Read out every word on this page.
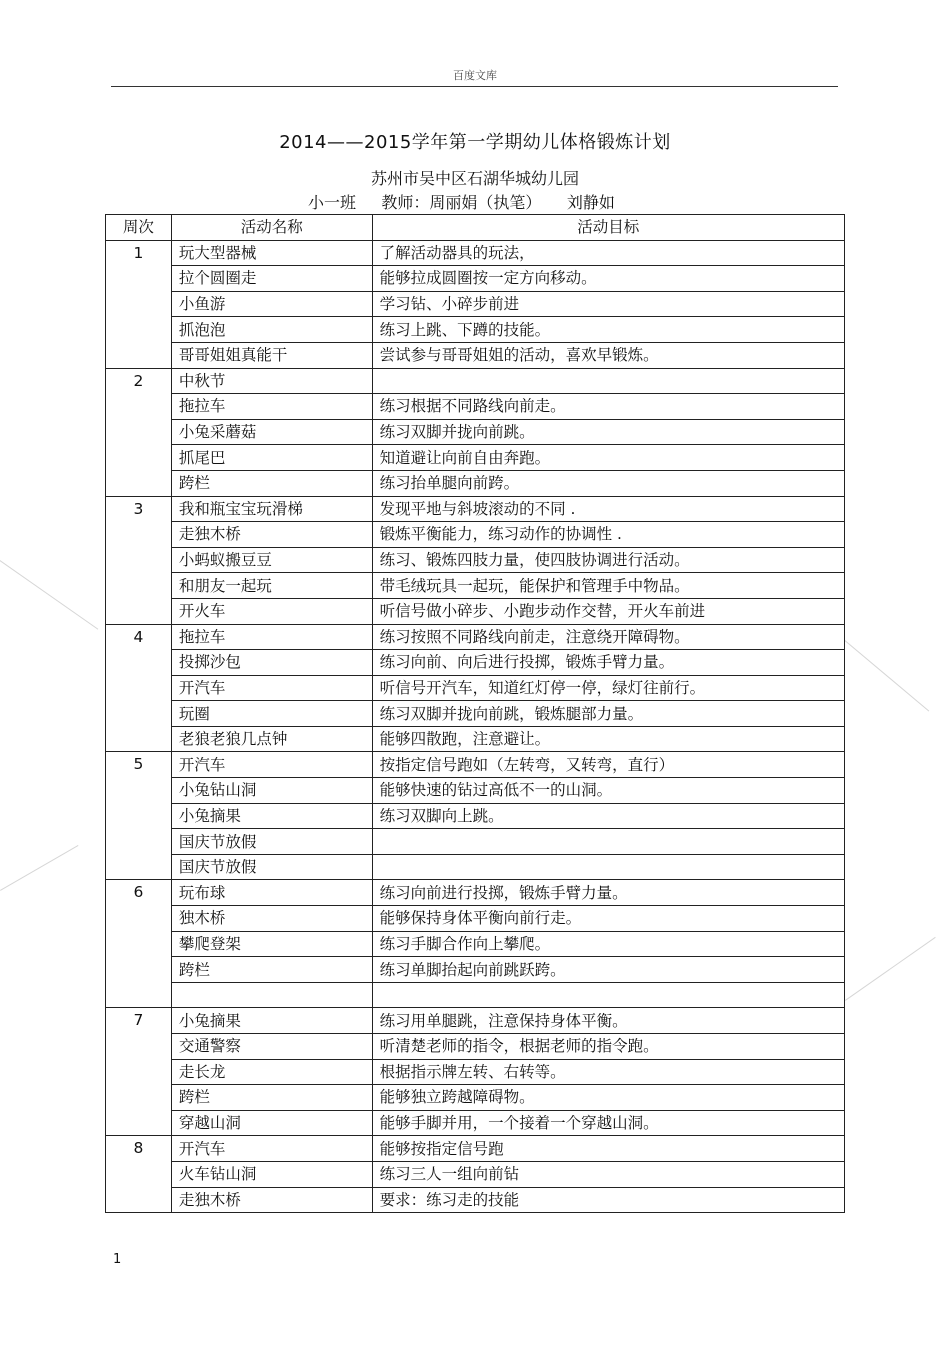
百度文库
2014——2015学年第一学期幼儿体格锻炼计划
苏州市吴中区石湖华城幼儿园
小一班     教师：周丽娟（执笔）     刘静如
周次	活动名称	活动目标
1	玩大型器械	了解活动器具的玩法，
	拉个圆圈走	能够拉成圆圈按一定方向移动。
	小鱼游	学习钻、小碎步前进
	抓泡泡	练习上跳、下蹲的技能。
	哥哥姐姐真能干	尝试参与哥哥姐姐的活动，喜欢早锻炼。
2	中秋节	
	拖拉车	练习根据不同路线向前走。
	小兔采蘑菇	练习双脚并拢向前跳。
	抓尾巴	知道避让向前自由奔跑。
	跨栏	练习抬单腿向前跨。
3	我和瓶宝宝玩滑梯	发现平地与斜坡滚动的不同 .
	走独木桥	锻炼平衡能力，练习动作的协调性 .
	小蚂蚁搬豆豆	练习、锻炼四肢力量，使四肢协调进行活动。
	和朋友一起玩	带毛绒玩具一起玩，能保护和管理手中物品。
	开火车	听信号做小碎步、小跑步动作交替，开火车前进
4	拖拉车	练习按照不同路线向前走，注意绕开障碍物。
	投掷沙包	练习向前、向后进行投掷，锻炼手臂力量。
	开汽车	听信号开汽车，知道红灯停一停，绿灯往前行。
	玩圈	练习双脚并拢向前跳，锻炼腿部力量。
	老狼老狼几点钟	能够四散跑，注意避让。
5	开汽车	按指定信号跑如（左转弯，又转弯，直行）
	小兔钻山洞	能够快速的钻过高低不一的山洞。
	小兔摘果	练习双脚向上跳。
	国庆节放假	
	国庆节放假	
6	玩布球	练习向前进行投掷，锻炼手臂力量。
	独木桥	能够保持身体平衡向前行走。
	攀爬登架	练习手脚合作向上攀爬。
	跨栏	练习单脚抬起向前跳跃跨。

7	小兔摘果	练习用单腿跳，注意保持身体平衡。
	交通警察	听清楚老师的指令，根据老师的指令跑。
	走长龙	根据指示牌左转、右转等。
	跨栏	能够独立跨越障碍物。
	穿越山洞	能够手脚并用，一个接着一个穿越山洞。
8	开汽车	能够按指定信号跑
	火车钻山洞	练习三人一组向前钻
	走独木桥	要求：练习走的技能
1
